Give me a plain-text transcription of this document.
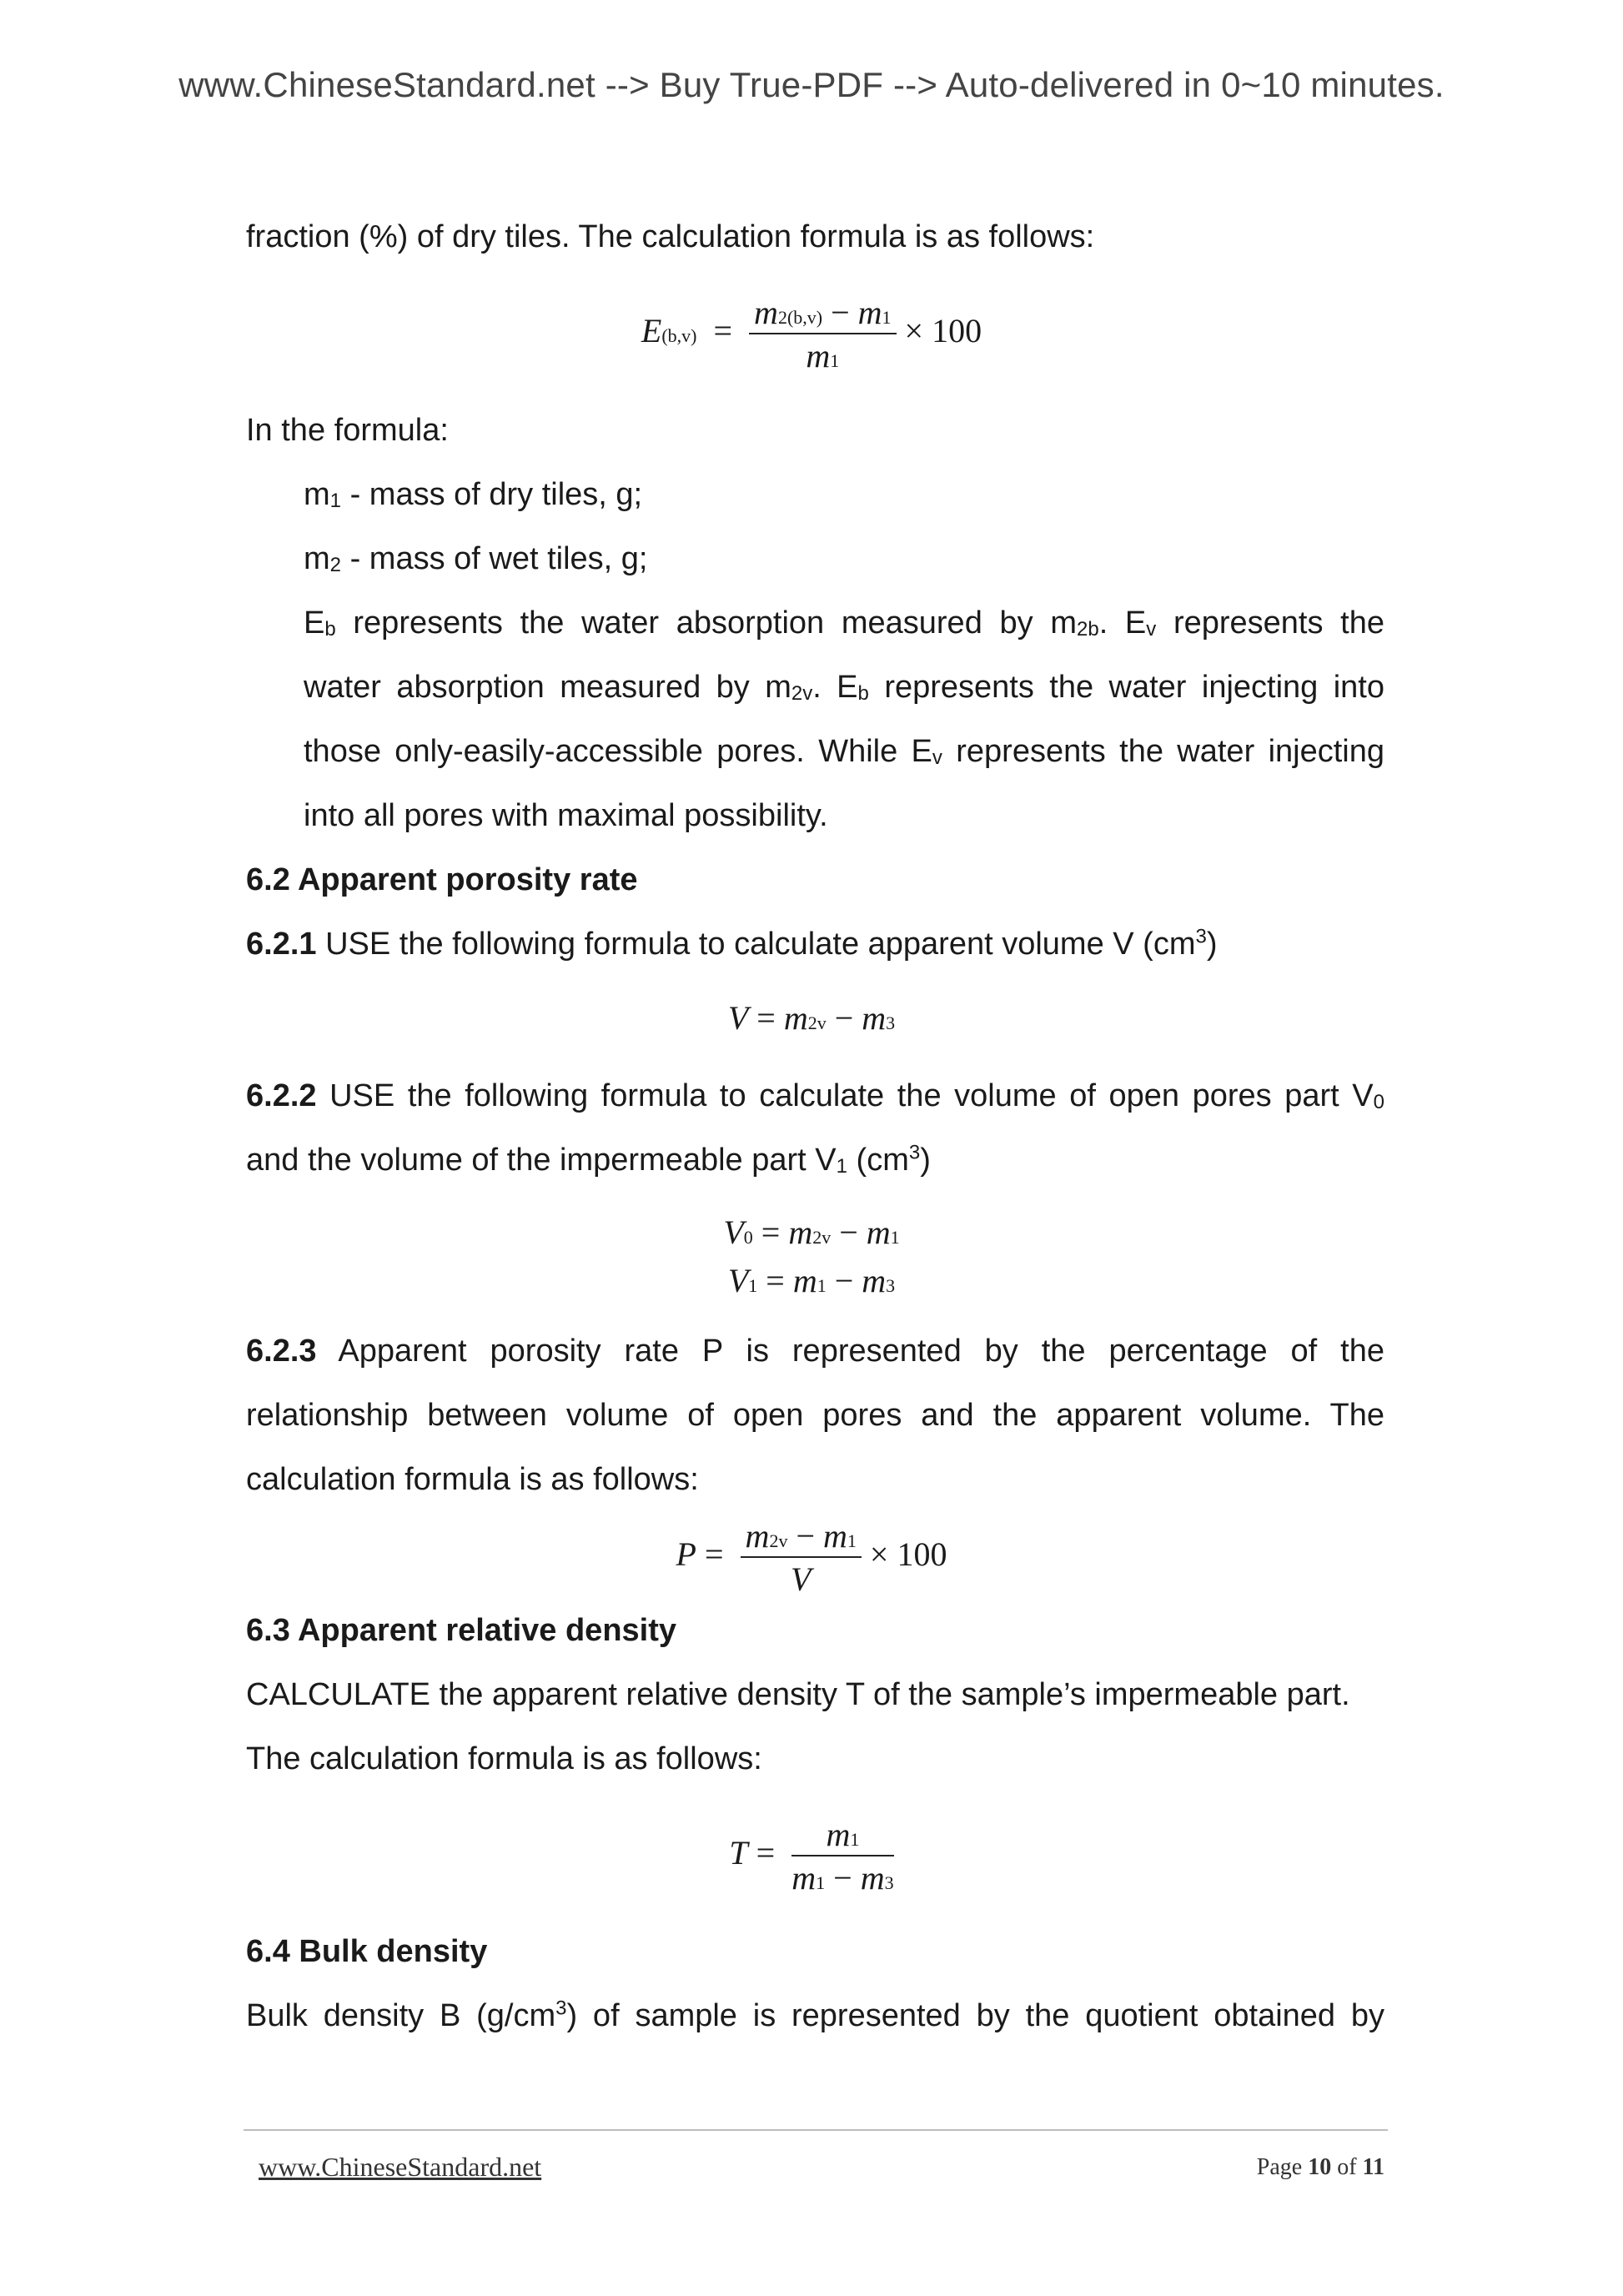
www.ChineseStandard.net --> Buy True-PDF --> Auto-delivered in 0~10 minutes.

fraction (%) of dry tiles. The calculation formula is as follows:

$E(b,v) = \frac{m2(b,v) - m1}{m1} \times 100$

In the formula:

m1 - mass of dry tiles, g;

m2 - mass of wet tiles, g;

Eb represents the water absorption measured by m2b. Ev represents the

water absorption measured by m2v. Eb represents the water injecting into

those only-easily-accessible pores. While Ev represents the water injecting

into all pores with maximal possibility.

6.2 Apparent porosity rate

6.2.1 USE the following formula to calculate apparent volume V $(cm^3)$

V = m2v − m3

6.2.2 USE the following formula to calculate the volume of open pores part V0

and the volume of the impermeable part V1 $(cm^3)$

V0 = m2v − m1
V1 = m1 − m3

6.2.3 Apparent porosity rate P is represented by the percentage of the

relationship between volume of open pores and the apparent volume. The

calculation formula is as follows:

$P = \frac{m2v - m1}{V} \times 100$

6.3 Apparent relative density

CALCULATE the apparent relative density T of the sample’s impermeable part.

The calculation formula is as follows:

$T = \frac{m1}{m1 - m3}$

6.4 Bulk density

Bulk density B $(g/cm^3)$ of sample is represented by the quotient obtained by

www.ChineseStandard.net	Page 10 of 11
